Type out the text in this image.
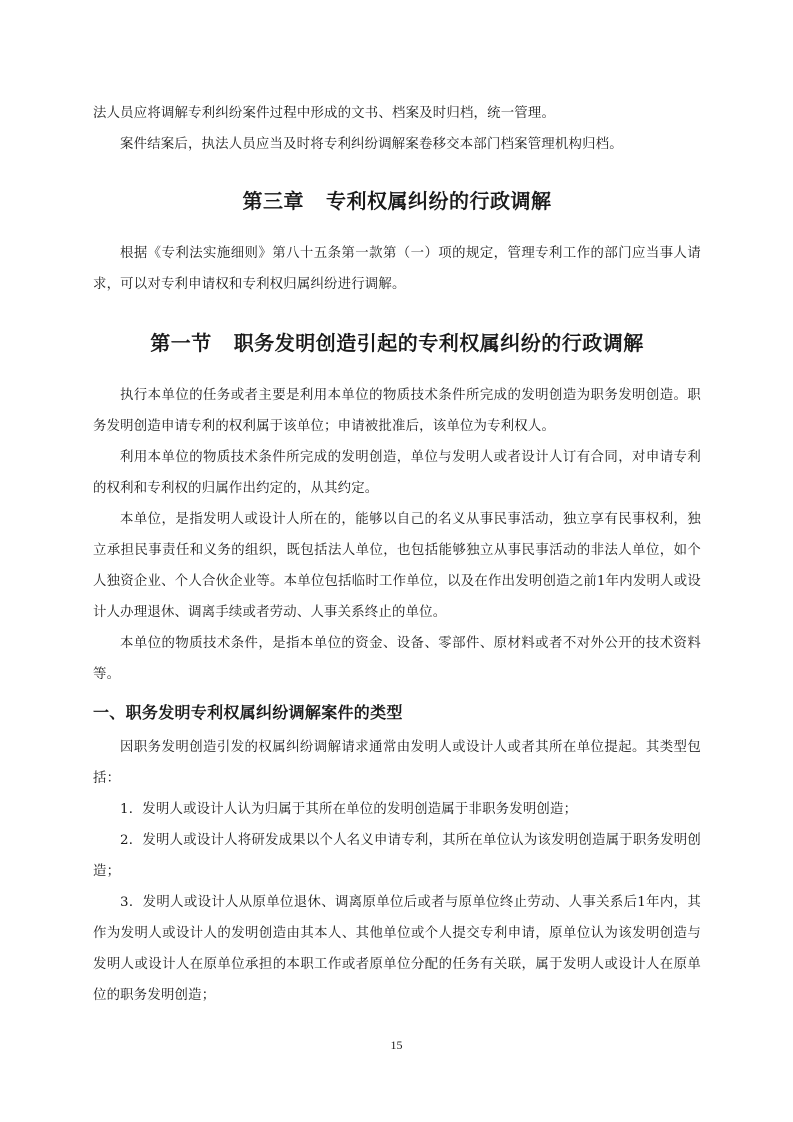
法人员应将调解专利纠纷案件过程中形成的文书、档案及时归档，统一管理。

案件结案后，执法人员应当及时将专利纠纷调解案卷移交本部门档案管理机构归档。

第三章 专利权属纠纷的行政调解

根据《专利法实施细则》第八十五条第一款第（一）项的规定，管理专利工作的部门应当事人请求，可以对专利申请权和专利权归属纠纷进行调解。

第一节 职务发明创造引起的专利权属纠纷的行政调解

执行本单位的任务或者主要是利用本单位的物质技术条件所完成的发明创造为职务发明创造。职务发明创造申请专利的权利属于该单位；申请被批准后，该单位为专利权人。

利用本单位的物质技术条件所完成的发明创造，单位与发明人或者设计人订有合同，对申请专利的权利和专利权的归属作出约定的，从其约定。

本单位，是指发明人或设计人所在的，能够以自己的名义从事民事活动，独立享有民事权利，独立承担民事责任和义务的组织，既包括法人单位，也包括能够独立从事民事活动的非法人单位，如个人独资企业、个人合伙企业等。本单位包括临时工作单位，以及在作出发明创造之前1年内发明人或设计人办理退休、调离手续或者劳动、人事关系终止的单位。

本单位的物质技术条件，是指本单位的资金、设备、零部件、原材料或者不对外公开的技术资料等。

一、职务发明专利权属纠纷调解案件的类型

因职务发明创造引发的权属纠纷调解请求通常由发明人或设计人或者其所在单位提起。其类型包括：

1．发明人或设计人认为归属于其所在单位的发明创造属于非职务发明创造；

2．发明人或设计人将研发成果以个人名义申请专利，其所在单位认为该发明创造属于职务发明创造；

3．发明人或设计人从原单位退休、调离原单位后或者与原单位终止劳动、人事关系后1年内，其作为发明人或设计人的发明创造由其本人、其他单位或个人提交专利申请，原单位认为该发明创造与发明人或设计人在原单位承担的本职工作或者原单位分配的任务有关联，属于发明人或设计人在原单位的职务发明创造；

15
